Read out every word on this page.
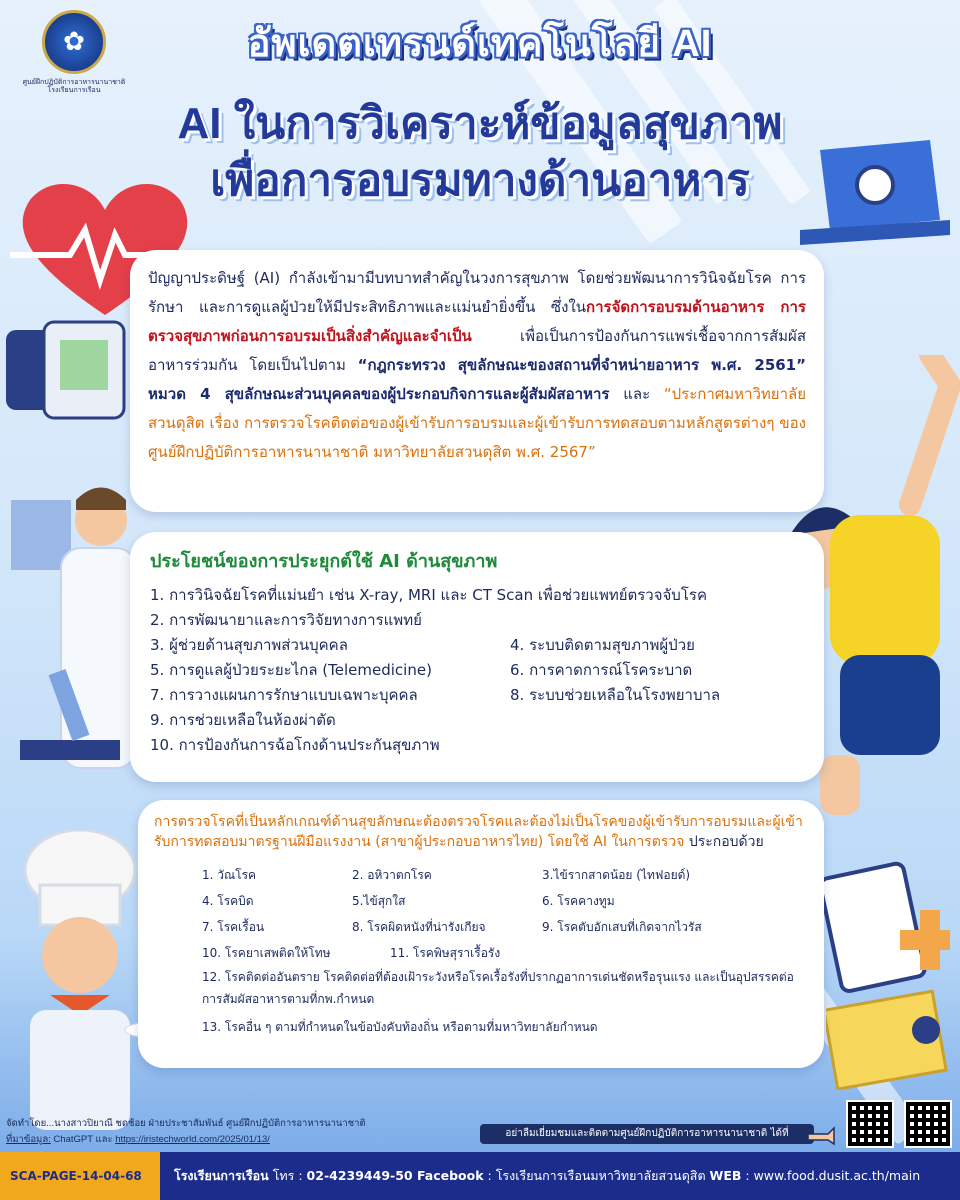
✿
ศูนย์ฝึกปฏิบัติการอาหารนานาชาติ โรงเรียนการเรือน
อัพเดตเทรนด์เทคโนโลยี AI
AI ในการวิเคราะห์ข้อมูลสุขภาพ
เพื่อการอบรมทางด้านอาหาร
ปัญญาประดิษฐ์ (AI) กำลังเข้ามามีบทบาทสำคัญในวงการสุขภาพ โดยช่วยพัฒนาการวินิจฉัยโรค การรักษา และการดูแลผู้ป่วยให้มีประสิทธิภาพและแม่นยำยิ่งขึ้น ซึ่งในการจัดการอบรมด้านอาหาร การตรวจสุขภาพก่อนการอบรมเป็นสิ่งสำคัญและจำเป็น เพื่อเป็นการป้องกันการแพร่เชื้อจากการสัมผัสอาหารร่วมกัน โดยเป็นไปตาม “กฎกระทรวง สุขลักษณะของสถานที่จำหน่ายอาหาร พ.ศ. 2561” หมวด 4 สุขลักษณะส่วนบุคคลของผู้ประกอบกิจการและผู้สัมผัสอาหาร และ “ประกาศมหาวิทยาลัยสวนดุสิต เรื่อง การตรวจโรคติดต่อของผู้เข้ารับการอบรมและผู้เข้ารับการทดสอบตามหลักสูตรต่างๆ ของศูนย์ฝึกปฏิบัติการอาหารนานาชาติ มหาวิทยาลัยสวนดุสิต พ.ศ. 2567”
ประโยชน์ของการประยุกต์ใช้ AI ด้านสุขภาพ
1. การวินิจฉัยโรคที่แม่นยำ เช่น X-ray, MRI และ CT Scan เพื่อช่วยแพทย์ตรวจจับโรค
2. การพัฒนายาและการวิจัยทางการแพทย์
3. ผู้ช่วยด้านสุขภาพส่วนบุคคล	4. ระบบติดตามสุขภาพผู้ป่วย
5. การดูแลผู้ป่วยระยะไกล (Telemedicine)	6. การคาดการณ์โรคระบาด
7. การวางแผนการรักษาแบบเฉพาะบุคคล	8. ระบบช่วยเหลือในโรงพยาบาล
9. การช่วยเหลือในห้องผ่าตัด
10. การป้องกันการฉ้อโกงด้านประกันสุขภาพ
การตรวจโรคที่เป็นหลักเกณฑ์ด้านสุขลักษณะต้องตรวจโรคและต้องไม่เป็นโรคของผู้เข้ารับการอบรมและผู้เข้ารับการทดสอบมาตรฐานฝีมือแรงงาน (สาขาผู้ประกอบอาหารไทย) โดยใช้ AI ในการตรวจ ประกอบด้วย
1. วัณโรค	2. อหิวาตกโรค	3.ไข้รากสาดน้อย (ไทฟอยด์)
4. โรคบิด	5.ไข้สุกใส	6. โรคคางทูม
7. โรคเรื้อน	8. โรคผิดหนังที่น่ารังเกียจ	9. โรคตับอักเสบที่เกิดจากไวรัส
10. โรคยาเสพติดให้โทษ	11. โรคพิษสุราเรื้อรัง
12. โรคติดต่ออันตราย โรคติดต่อที่ต้องเฝ้าระวังหรือโรคเรื้อรังที่ปรากฏอาการเด่นชัดหรือรุนแรง และเป็นอุปสรรคต่อการสัมผัสอาหารตามที่กพ.กำหนด
13. โรคอื่น ๆ ตามที่กำหนดในข้อบังคับท้องถิ่น หรือตามที่มหาวิทยาลัยกำหนด
จัดทำโดย...นางสาวปิยาณี ชดช้อย ฝ่ายประชาสัมพันธ์ ศูนย์ฝึกปฏิบัติการอาหารนานาชาติ
ที่มาข้อมูล: ChatGPT และ https://iristechworld.com/2025/01/13/
อย่าลืมเยี่ยมชมและติดตามศูนย์ฝึกปฏิบัติการอาหารนานาชาติ ได้ที่
SCA-PAGE-14-04-68	โรงเรียนการเรือน โทร : 02-4239449-50 Facebook : โรงเรียนการเรือนมหาวิทยาลัยสวนดุสิต WEB : www.food.dusit.ac.th/main
